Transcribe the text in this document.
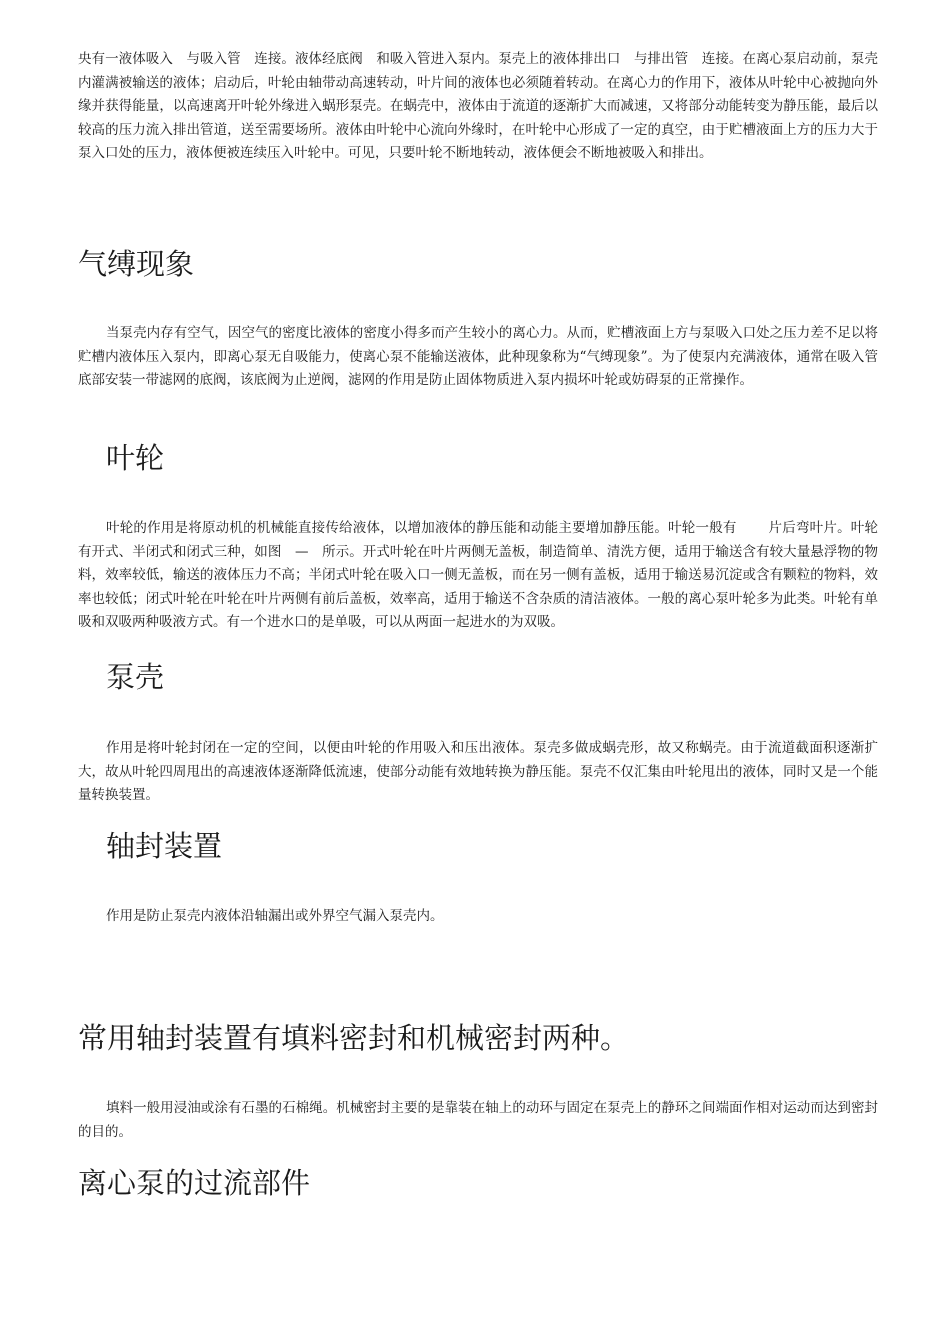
央有一液体吸入　与吸入管　连接。液体经底阀　和吸入管进入泵内。泵壳上的液体排出口　与排出管　连接。在离心泵启动前，泵壳内灌满被输送的液体；启动后，叶轮由轴带动高速转动，叶片间的液体也必须随着转动。在离心力的作用下，液体从叶轮中心被抛向外缘并获得能量，以高速离开叶轮外缘进入蜗形泵壳。在蜗壳中，液体由于流道的逐渐扩大而减速，又将部分动能转变为静压能，最后以较高的压力流入排出管道，送至需要场所。液体由叶轮中心流向外缘时，在叶轮中心形成了一定的真空，由于贮槽液面上方的压力大于泵入口处的压力，液体便被连续压入叶轮中。可见，只要叶轮不断地转动，液体便会不断地被吸入和排出。

气缚现象

当泵壳内存有空气，因空气的密度比液体的密度小得多而产生较小的离心力。从而，贮槽液面上方与泵吸入口处之压力差不足以将贮槽内液体压入泵内，即离心泵无自吸能力，使离心泵不能输送液体，此种现象称为“气缚现象”。为了使泵内充满液体，通常在吸入管底部安装一带滤网的底阀，该底阀为止逆阀，滤网的作用是防止固体物质进入泵内损坏叶轮或妨碍泵的正常操作。

叶轮

叶轮的作用是将原动机的机械能直接传给液体，以增加液体的静压能和动能主要增加静压能。叶轮一般有　　 片后弯叶片。叶轮有开式、半闭式和闭式三种，如图　—　所示。开式叶轮在叶片两侧无盖板，制造简单、清洗方便，适用于输送含有较大量悬浮物的物料，效率较低，输送的液体压力不高；半闭式叶轮在吸入口一侧无盖板，而在另一侧有盖板，适用于输送易沉淀或含有颗粒的物料，效率也较低；闭式叶轮在叶轮在叶片两侧有前后盖板，效率高，适用于输送不含杂质的清洁液体。一般的离心泵叶轮多为此类。叶轮有单吸和双吸两种吸液方式。有一个进水口的是单吸，可以从两面一起进水的为双吸。

泵壳

作用是将叶轮封闭在一定的空间，以便由叶轮的作用吸入和压出液体。泵壳多做成蜗壳形，故又称蜗壳。由于流道截面积逐渐扩大，故从叶轮四周甩出的高速液体逐渐降低流速，使部分动能有效地转换为静压能。泵壳不仅汇集由叶轮甩出的液体，同时又是一个能量转换装置。

轴封装置

作用是防止泵壳内液体沿轴漏出或外界空气漏入泵壳内。

常用轴封装置有填料密封和机械密封两种。

填料一般用浸油或涂有石墨的石棉绳。机械密封主要的是靠装在轴上的动环与固定在泵壳上的静环之间端面作相对运动而达到密封的目的。

离心泵的过流部件
